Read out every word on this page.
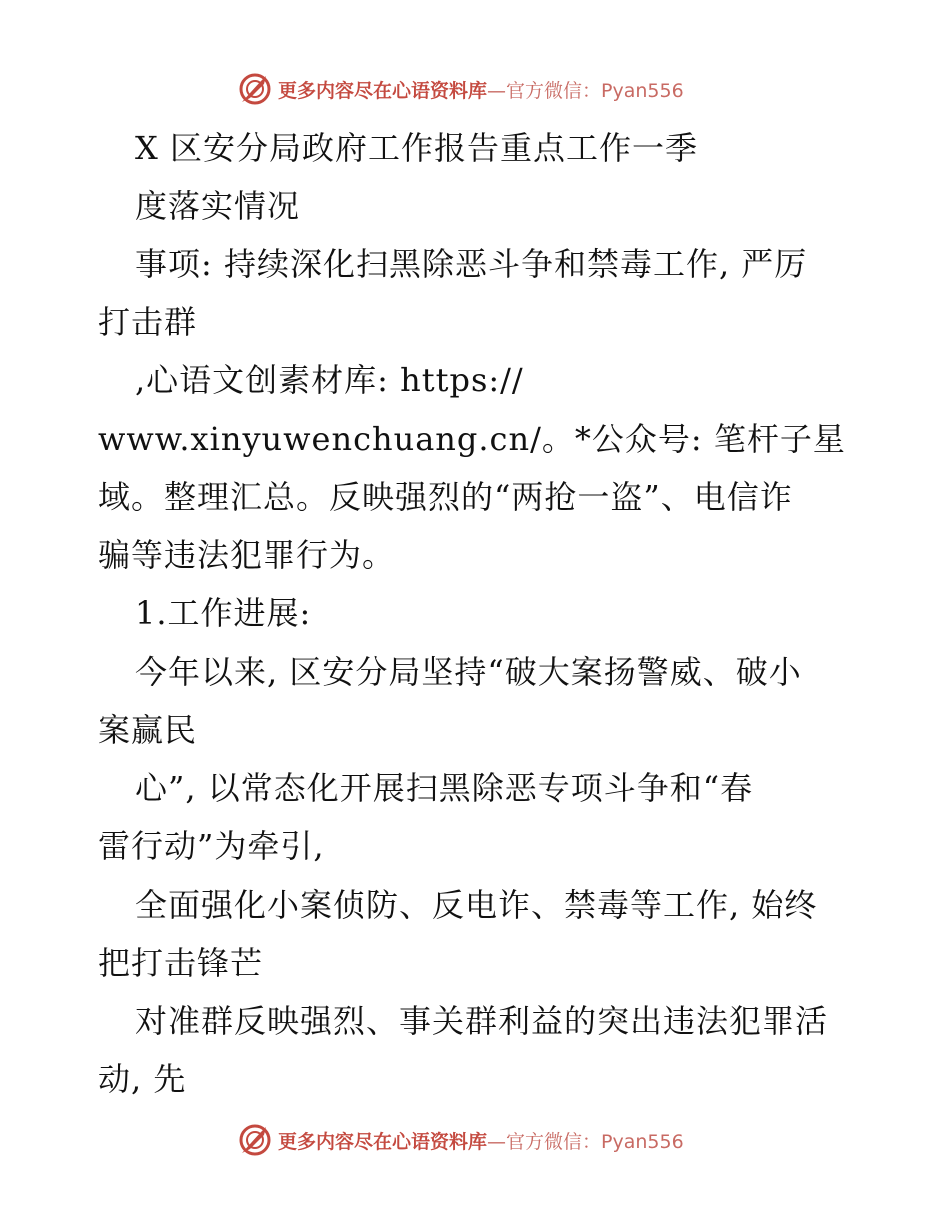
更多内容尽在心语资料库—官方微信：Pyan556
X 区安分局政府工作报告重点工作一季
度落实情况
事项: 持续深化扫黑除恶斗争和禁毒工作, 严厉
打击群
,心语文创素材库: https://
www.xinyuwenchuang.cn/。*公众号: 笔杆子星
域。整理汇总。反映强烈的“两抢一盗”、电信诈
骗等违法犯罪行为。
1.工作进展:
今年以来, 区安分局坚持“破大案扬警威、破小
案赢民
心”, 以常态化开展扫黑除恶专项斗争和“春
雷行动”为牵引,
全面强化小案侦防、反电诈、禁毒等工作, 始终
把打击锋芒
对准群反映强烈、事关群利益的突出违法犯罪活
动, 先
更多内容尽在心语资料库—官方微信：Pyan556
